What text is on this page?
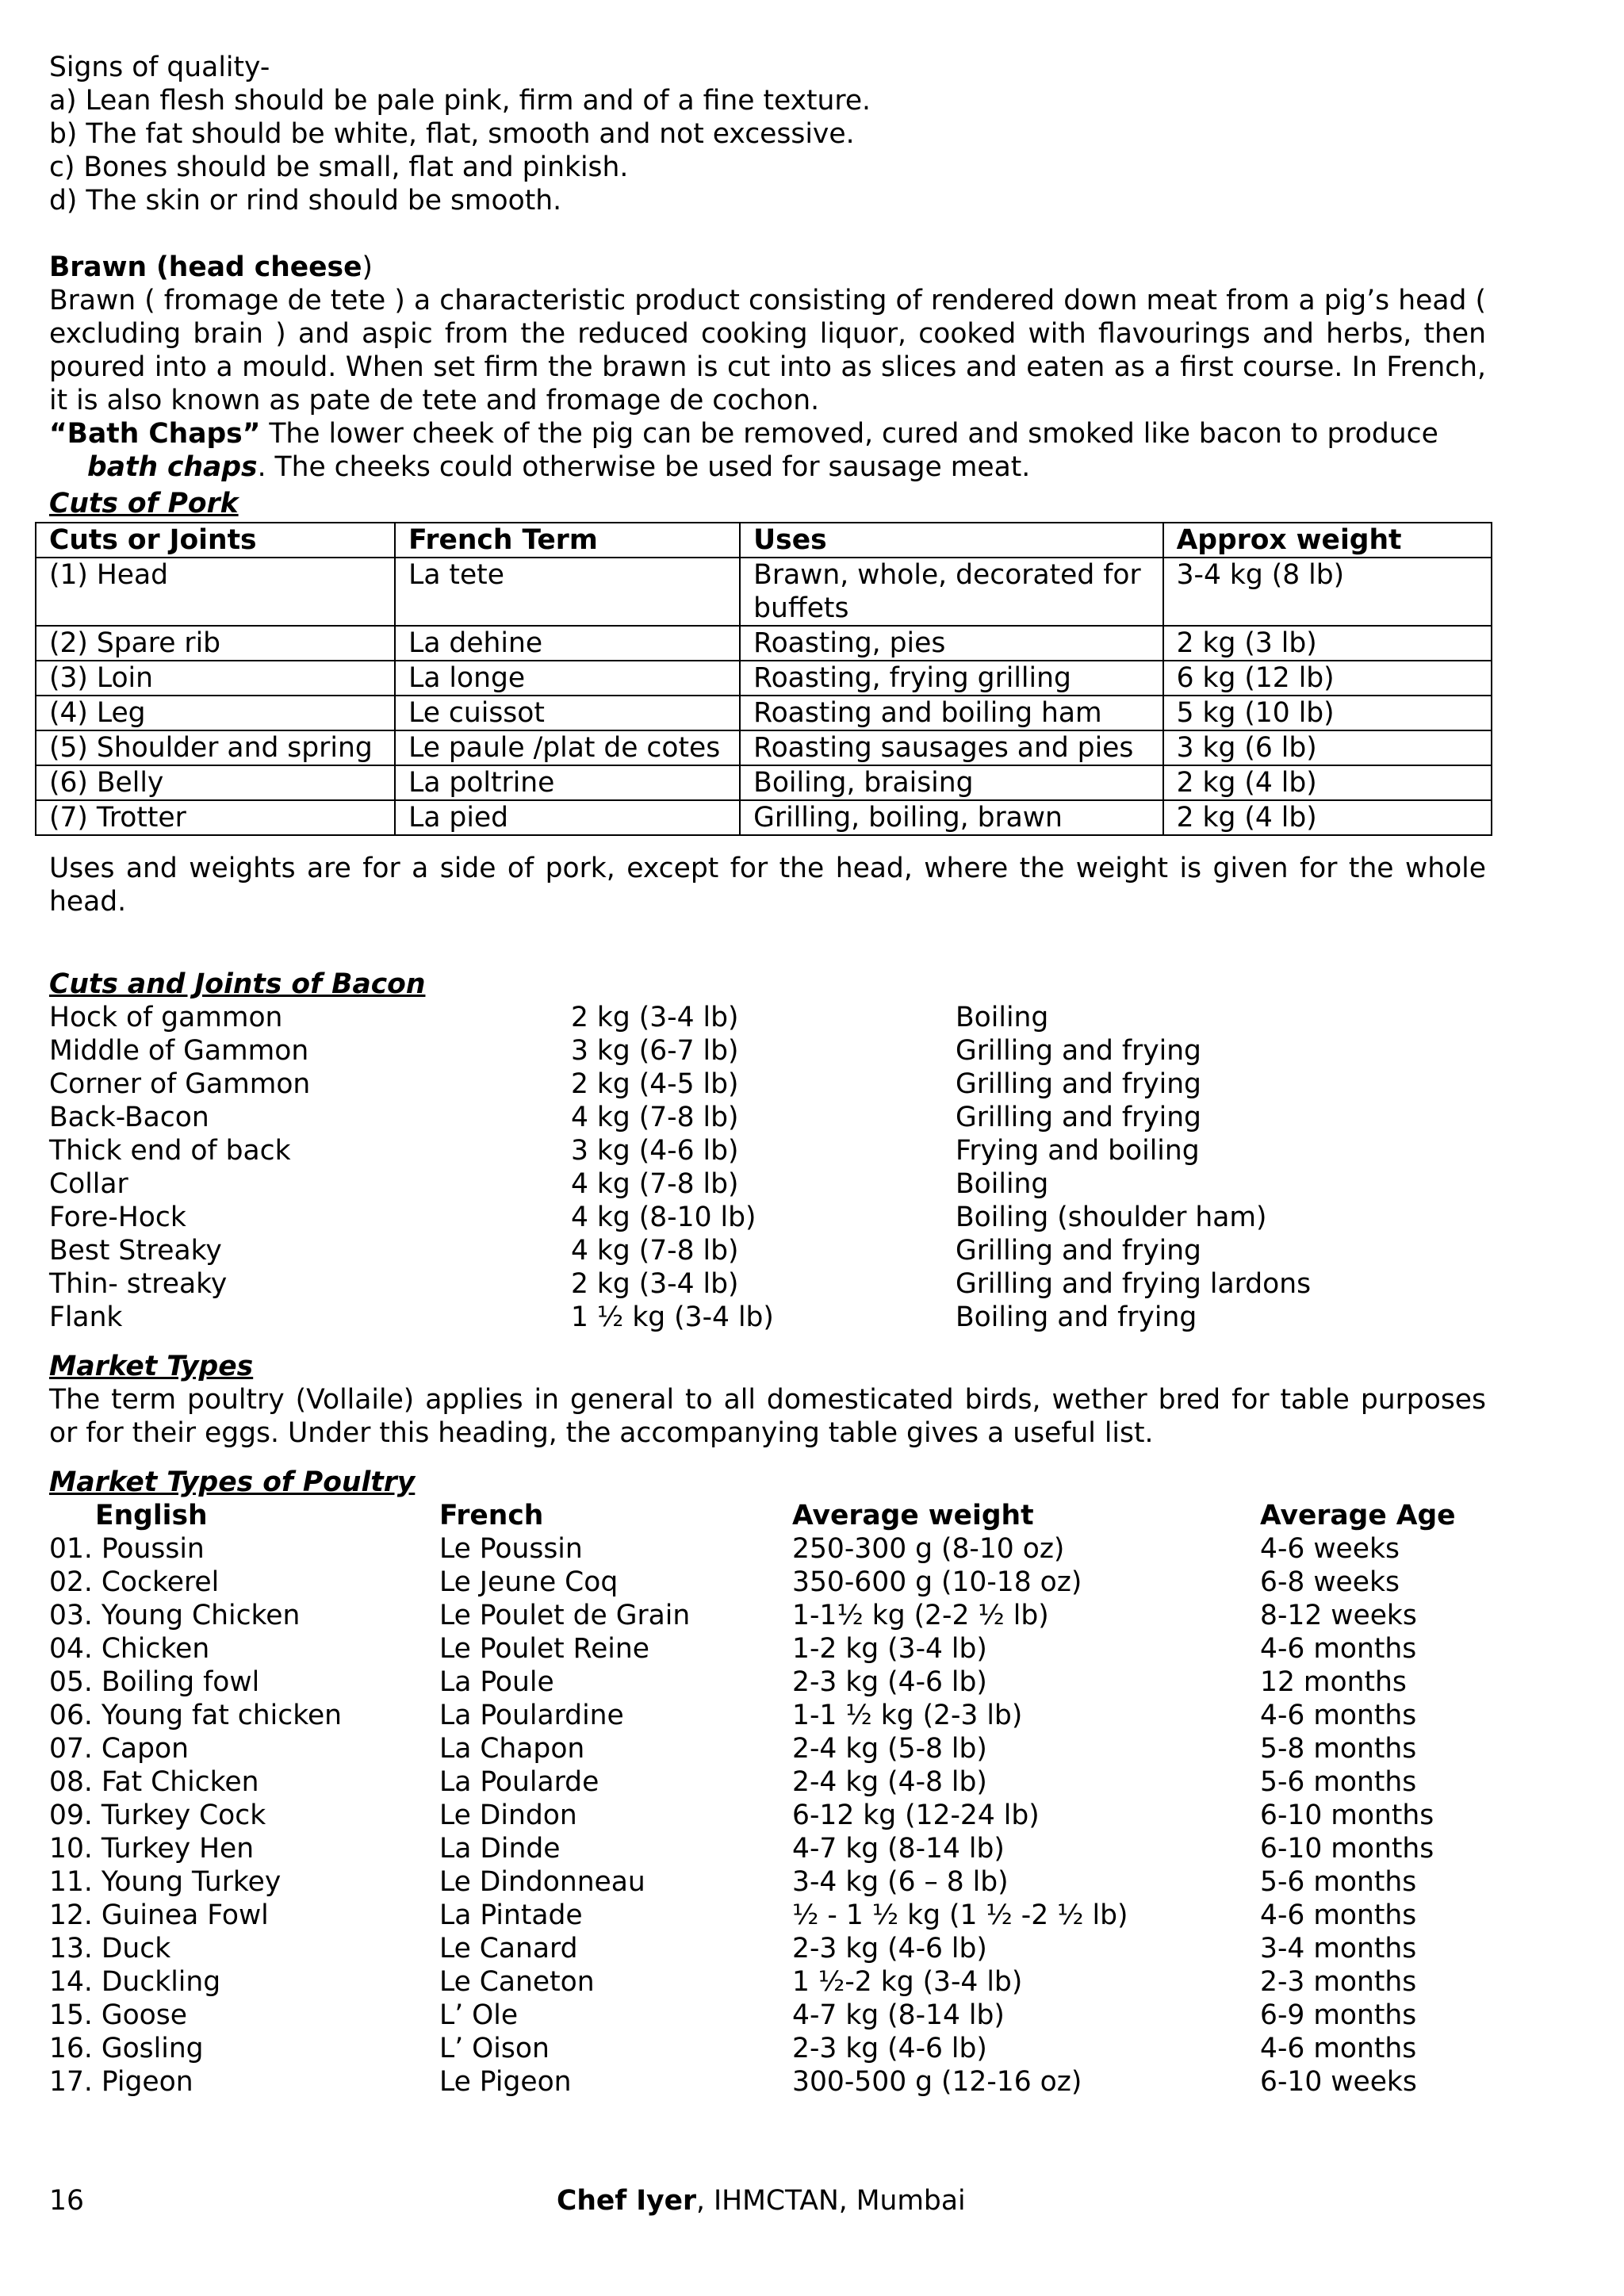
Signs of quality-

a) Lean flesh should be pale pink, firm and of a fine texture.

b) The fat should be white, flat, smooth and not excessive.

c) Bones should be small, flat and pinkish.

d) The skin or rind should be smooth.

Brawn (head cheese)

Brawn ( fromage de tete ) a characteristic product consisting of rendered down meat from a pig’s head ( excluding brain ) and aspic from the reduced cooking liquor, cooked with flavourings and herbs, then poured into a mould. When set firm the brawn is cut into as slices and eaten as a first course. In French, it is also known as pate de tete and fromage de cochon.

“Bath Chaps” The lower cheek of the pig can be removed, cured and smoked like bacon to produce

bath chaps. The cheeks could otherwise be used for sausage meat.

Cuts of Pork

Cuts or Joints	French Term	Uses	Approx weight
(1) Head	La tete	Brawn, whole, decorated for buffets	3-4 kg (8 lb)
(2) Spare rib	La dehine	Roasting, pies	2 kg (3 lb)
(3) Loin	La longe	Roasting, frying grilling	6 kg (12 lb)
(4) Leg	Le cuissot	Roasting and boiling ham	5 kg (10 lb)
(5) Shoulder and spring	Le paule /plat de cotes	Roasting sausages and pies	3 kg (6 lb)
(6) Belly	La poltrine	Boiling, braising	2 kg (4 lb)
(7) Trotter	La pied	Grilling, boiling, brawn	2 kg (4 lb)

Uses and weights are for a side of pork, except for the head, where the weight is given for the whole head.

Cuts and Joints of Bacon

Hock of gammon	2 kg (3-4 lb)	Boiling
Middle of Gammon	3 kg (6-7 lb)	Grilling and frying
Corner of Gammon	2 kg (4-5 lb)	Grilling and frying
Back-Bacon	4 kg (7-8 lb)	Grilling and frying
Thick end of back	3 kg (4-6 lb)	Frying and boiling
Collar	4 kg (7-8 lb)	Boiling
Fore-Hock	4 kg (8-10 lb)	Boiling (shoulder ham)
Best Streaky	4 kg (7-8 lb)	Grilling and frying
Thin- streaky	2 kg (3-4 lb)	Grilling and frying lardons
Flank	1 ½ kg (3-4 lb)	Boiling and frying

Market Types

The term poultry (Vollaile) applies in general to all domesticated birds, wether bred for table purposes or for their eggs. Under this heading, the accompanying table gives a useful list.

Market Types of Poultry

English	French	Average weight	Average Age
01. Poussin	Le Poussin	250-300 g (8-10 oz)	4-6 weeks
02. Cockerel	Le Jeune Coq	350-600 g (10-18 oz)	6-8 weeks
03. Young Chicken	Le Poulet de Grain	1-1½ kg (2-2 ½ lb)	8-12 weeks
04. Chicken	Le Poulet Reine	1-2 kg (3-4 lb)	4-6 months
05. Boiling fowl	La Poule	2-3 kg (4-6 lb)	12 months
06. Young fat chicken	La Poulardine	1-1 ½ kg (2-3 lb)	4-6 months
07. Capon	La Chapon	2-4 kg (5-8 lb)	5-8 months
08. Fat Chicken	La Poularde	2-4 kg (4-8 lb)	5-6 months
09. Turkey Cock	Le Dindon	6-12 kg (12-24 lb)	6-10 months
10. Turkey Hen	La Dinde	4-7 kg (8-14 lb)	6-10 months
11. Young Turkey	Le Dindonneau	3-4 kg (6 – 8 lb)	5-6 months
12. Guinea Fowl	La Pintade	½ - 1 ½ kg (1 ½ -2 ½ lb)	4-6 months
13. Duck	Le Canard	2-3 kg (4-6 lb)	3-4 months
14. Duckling	Le Caneton	1 ½-2 kg (3-4 lb)	2-3 months
15. Goose	L’ Ole	4-7 kg (8-14 lb)	6-9 months
16. Gosling	L’ Oison	2-3 kg (4-6 lb)	4-6 months
17. Pigeon	Le Pigeon	300-500 g (12-16 oz)	6-10 weeks
16	Chef Iyer, IHMCTAN, Mumbai
